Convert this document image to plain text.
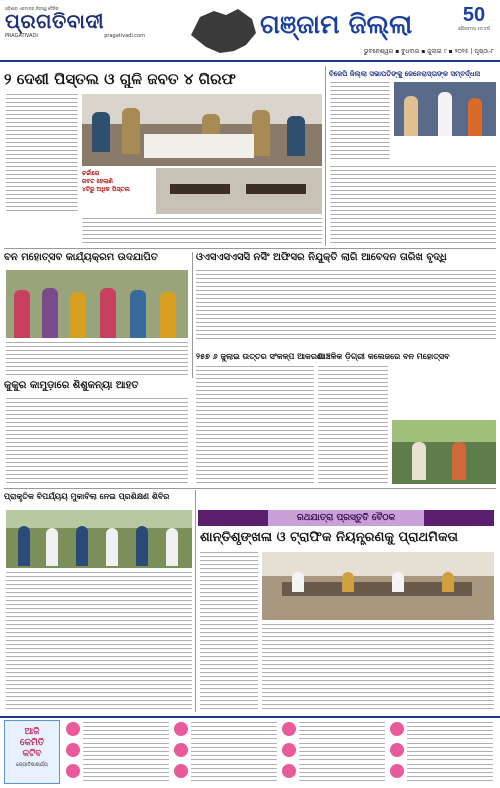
ଓଡ଼ିଶାର ଏକମାତ୍ର ନିଜସ୍ୱ ଦୈନିକ
ପ୍ରଗତିବାଦୀ
PRAGATIVADI	pragativadi.com	ଗଞ୍ଜାମ ଜିଲ୍ଲା	50
ଗୌରବମୟ ୫୦ ବର୍ଷ
ଭୁବନେଶ୍ୱର ▪ ବୁଧବାର ▪ ଜୁଲାଇ ୯ ▪ ୨୦୨୫ | ପୃଷ୍ଠା-୮
୨ ଦେଶୀ ପିସ୍ତଲ ଓ ଗୁଳି ଜବତ ୪ ଗିରଫ
ଚର୍ଚ୍ଚାରେ
ଜବତ ହେଲାଣି
୪ଟିରୁ ଅଧିକ ପିସ୍ତଲ
ବିଜେପି ଜିଲ୍ଲା ସଭାପତିଙ୍କୁ ଜେନେରାସ୍ତାଙ୍କ ସମ୍ବର୍ଦ୍ଧନା
ବନ ମହୋତ୍ସବ କାର୍ଯ୍ୟକ୍ରମ ଉଦଯାପିତ	ଓଏସଏସଏସସି ନର୍ସିଂ ଅଫିସର ନିଯୁକ୍ତି ଲାଗି ଆବେଦନ ତାରିଖ ବୃଦ୍ଧି
କୁକୁର କାମୁଡ଼ାରେ ଶିଶୁକନ୍ୟା ଆହତ
୨୫୭ ୬ ଜୁଲାଇ ଉତ୍ତର ସଂକଳ୍ପ ଆକରଣ
ଆଞ୍ଚଳିକ ଡ଼ିଗ୍ରୀ କଲେଜରେ ବନ ମହୋତ୍ସବ
ପ୍ରାକୃତିକ ବିପର୍ଯ୍ୟୟ ମୁକାବିଲା ନେଇ ପ୍ରଶିକ୍ଷଣ ଶିବିର
ରଥଯାତ୍ରା ପ୍ରସ୍ତୁତି ବୈଠକ
ଶାନ୍ତିଶୃଙ୍ଖଳା ଓ ଟ୍ରାଫିକ ନିୟନ୍ତ୍ରଣକୁ ପ୍ରାଥମିକତା
ଆଜି
କେମିତି
କଟିବ
ଜ୍ୟୋତିଷାଚାର୍ଯ୍ୟ
